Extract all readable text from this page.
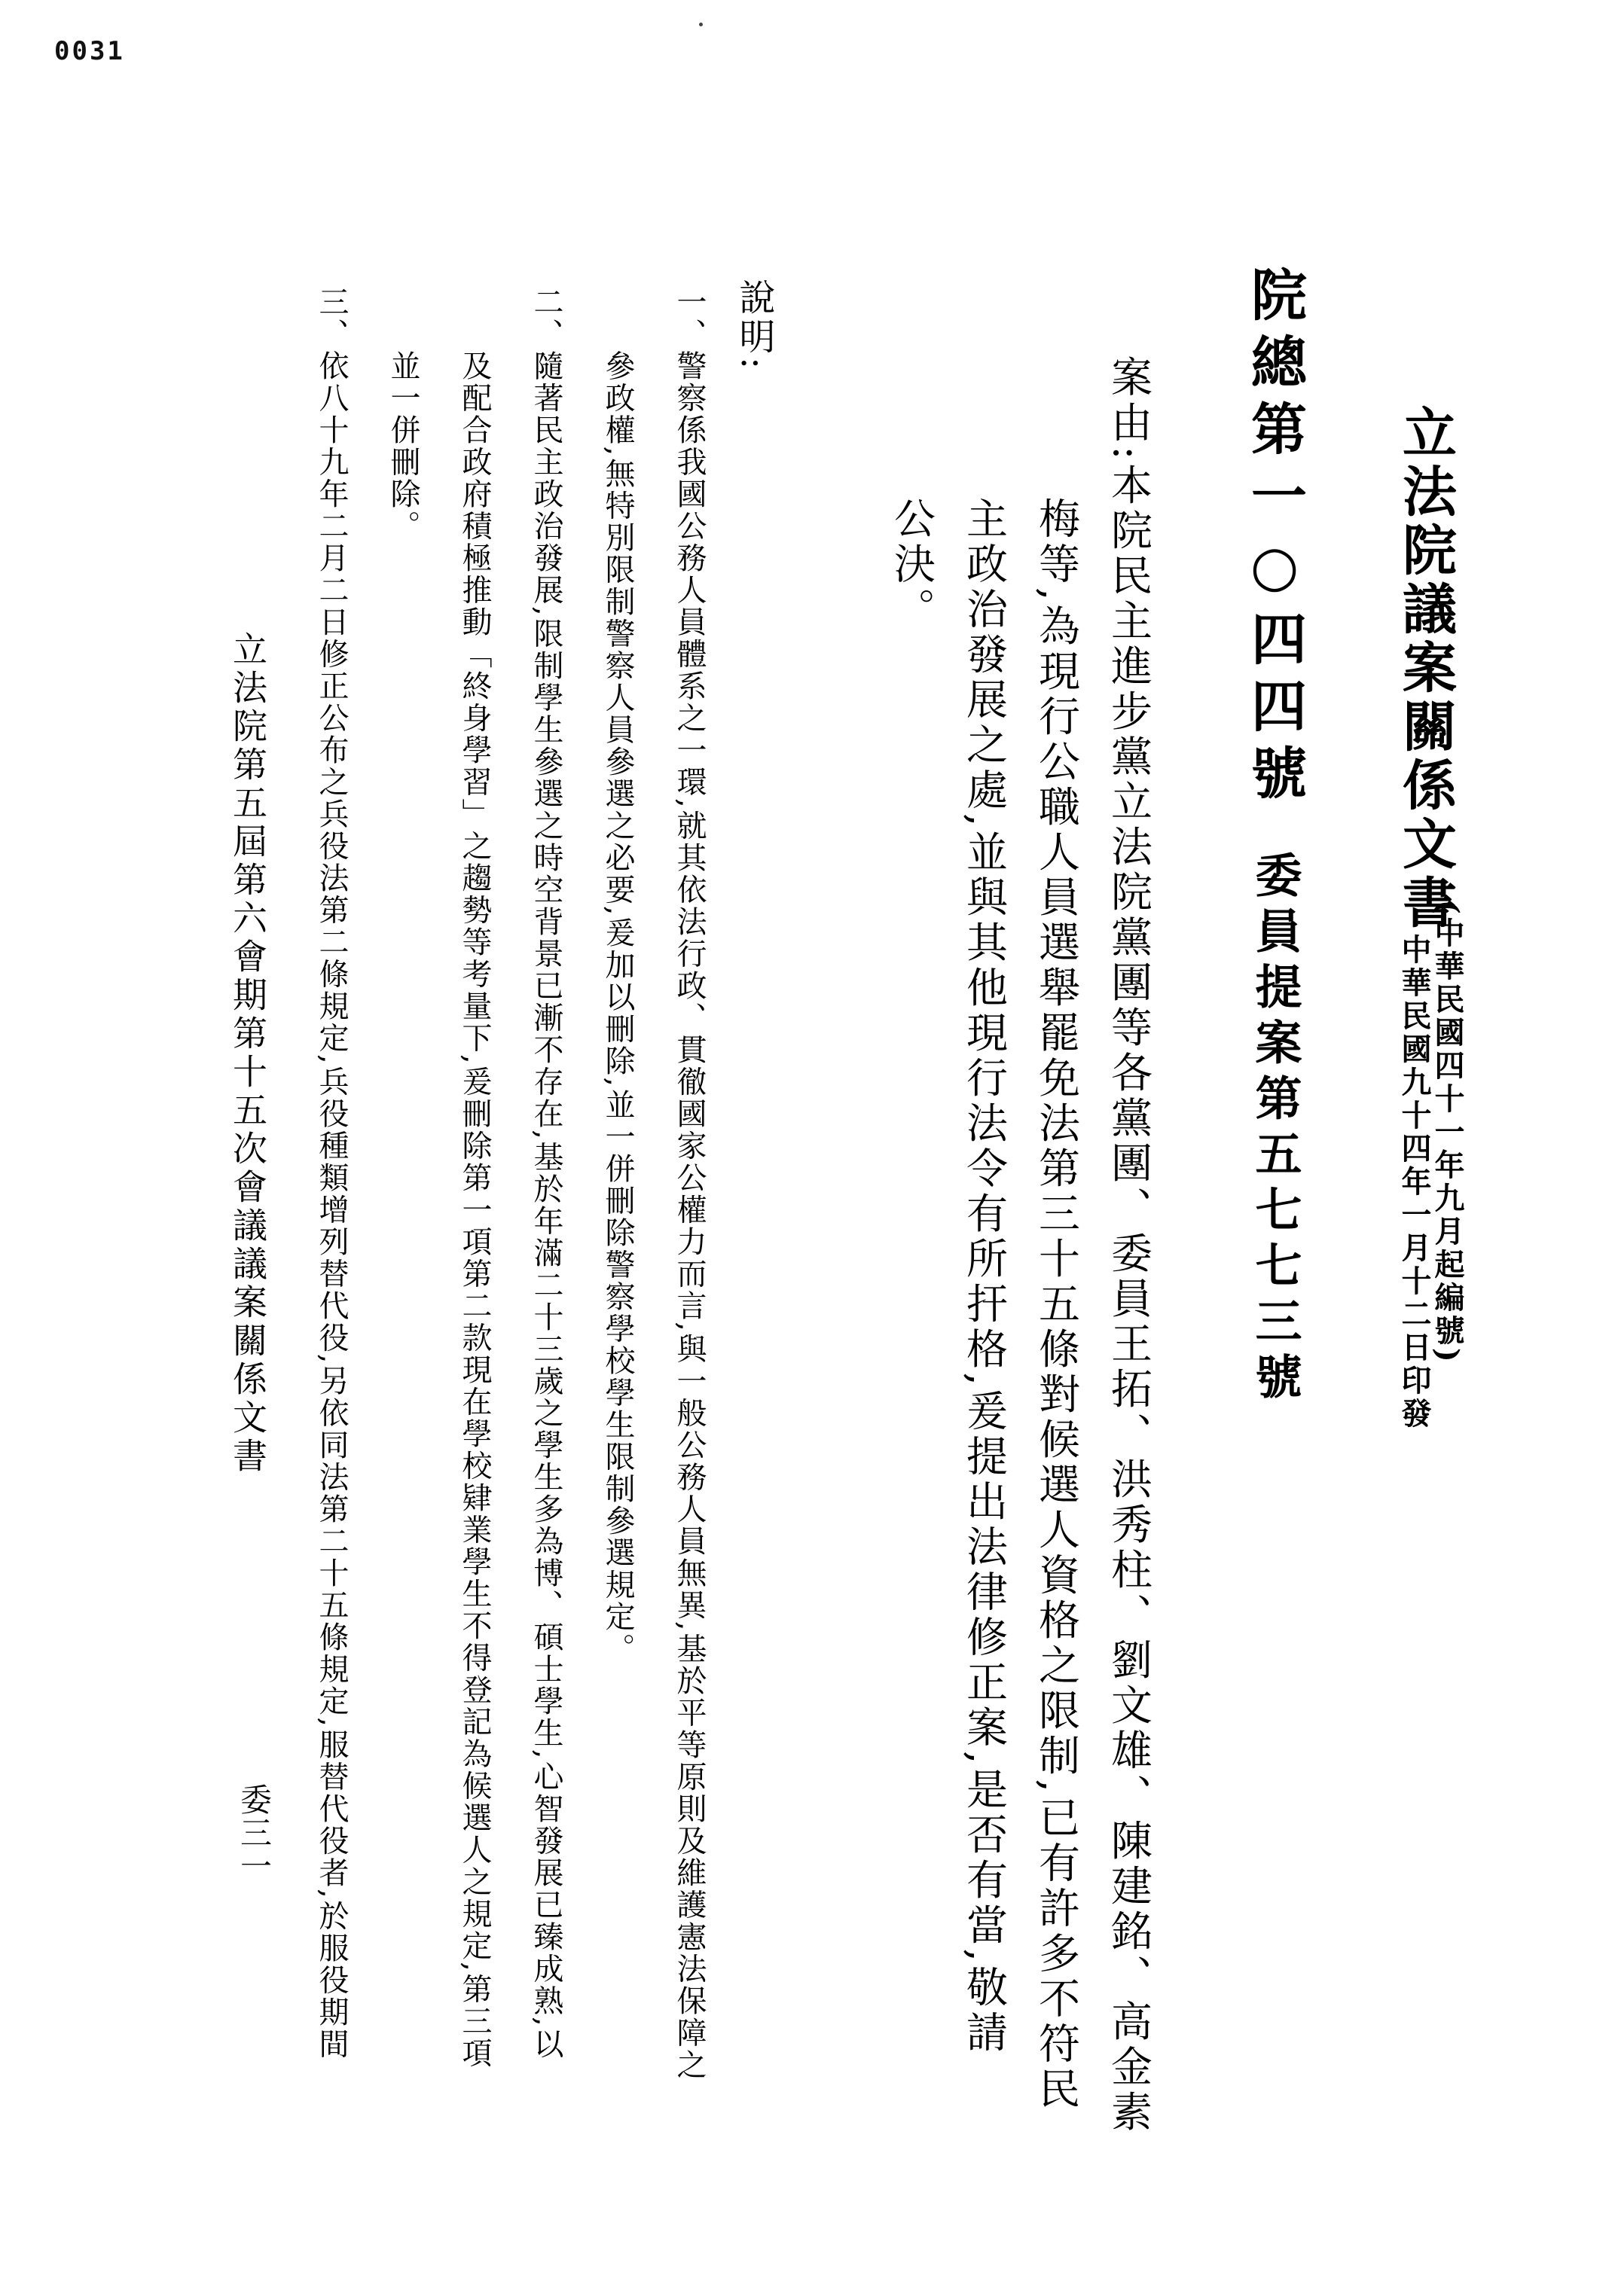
0031
立法院議案關係文書
(中華民國四十一年九月起編號)
中華民國九十四年一月十二日印發
院總第一○四四號
委員提案第五七七三號
案由:本院民主進步黨立法院黨團等各黨團、委員王拓、洪秀柱、劉文雄、陳建銘、高金素
梅等,為現行公職人員選舉罷免法第三十五條對候選人資格之限制,已有許多不符民
主政治發展之處,並與其他現行法令有所扞格,爰提出法律修正案,是否有當,敬請
公決。
說明:
一、警察係我國公務人員體系之一環,就其依法行政、貫徹國家公權力而言,與一般公務人員無異,基於平等原則及維護憲法保障之
參政權,無特別限制警察人員參選之必要,爰加以刪除,並一併刪除警察學校學生限制參選規定。
二、隨著民主政治發展,限制學生參選之時空背景已漸不存在,基於年滿二十三歲之學生多為博、碩士學生,心智發展已臻成熟,以
及配合政府積極推動「終身學習」之趨勢等考量下,爰刪除第一項第二款現在學校肄業學生不得登記為候選人之規定,第三項
並一併刪除。
三、依八十九年二月二日修正公布之兵役法第二條規定,兵役種類增列替代役,另依同法第二十五條規定,服替代役者,於服役期間
立法院第五屆第六會期第十五次會議議案關係文書
委三一
